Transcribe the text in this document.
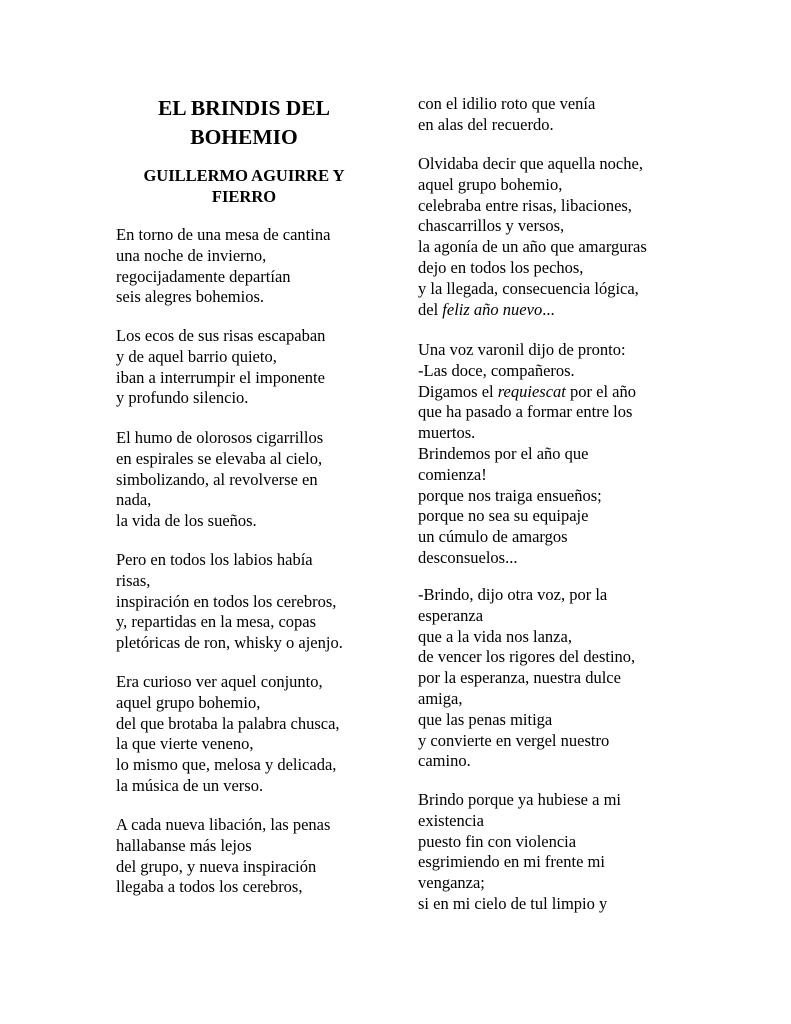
EL BRINDIS DEL BOHEMIO
GUILLERMO AGUIRRE Y FIERRO

En torno de una mesa de cantina
una noche de invierno,
regocijadamente departían
seis alegres bohemios.

Los ecos de sus risas escapaban
y de aquel barrio quieto,
iban a interrumpir el imponente
y profundo silencio.

El humo de olorosos cigarrillos
en espirales se elevaba al cielo,
simbolizando, al revolverse en
nada,
la vida de los sueños.

Pero en todos los labios había
risas,
inspiración en todos los cerebros,
y, repartidas en la mesa, copas
pletóricas de ron, whisky o ajenjo.

Era curioso ver aquel conjunto,
aquel grupo bohemio,
del que brotaba la palabra chusca,
la que vierte veneno,
lo mismo que, melosa y delicada,
la música de un verso.

A cada nueva libación, las penas
hallabanse más lejos
del grupo, y nueva inspiración
llegaba a todos los cerebros,

con el idilio roto que venía
en alas del recuerdo.

Olvidaba decir que aquella noche,
aquel grupo bohemio,
celebraba entre risas, libaciones,
chascarrillos y versos,
la agonía de un año que amarguras
dejo en todos los pechos,
y la llegada, consecuencia lógica,
del feliz año nuevo...

Una voz varonil dijo de pronto:
-Las doce, compañeros.
Digamos el requiescat por el año
que ha pasado a formar entre los
muertos.
Brindemos por el año que
comienza!
porque nos traiga ensueños;
porque no sea su equipaje
un cúmulo de amargos
desconsuelos...

-Brindo, dijo otra voz, por la
esperanza
que a la vida nos lanza,
de vencer los rigores del destino,
por la esperanza, nuestra dulce
amiga,
que las penas mitiga
y convierte en vergel nuestro
camino.

Brindo porque ya hubiese a mi
existencia
puesto fin con violencia
esgrimiendo en mi frente mi
venganza;
si en mi cielo de tul limpio y
